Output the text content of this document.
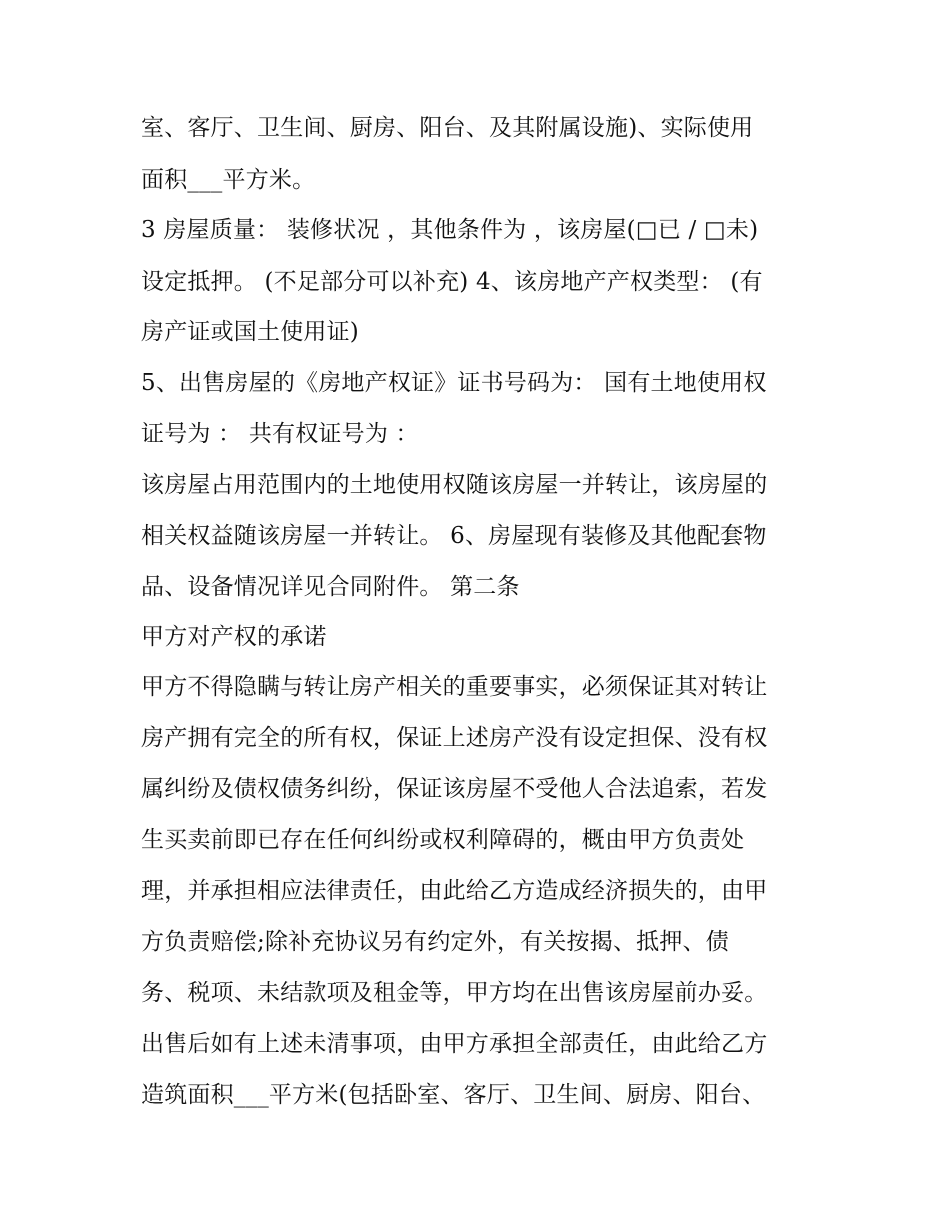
室、客厅、卫生间、厨房、阳台、及其附属设施)、实际使用

面积___平方米。

3 房屋质量： 装修状况 ，其他条件为 ，该房屋(□已 / □未)

设定抵押。 (不足部分可以补充) 4、该房地产产权类型： (有

房产证或国土使用证)

5、出售房屋的《房地产权证》证书号码为： 国有土地使用权

证号为 ： 共有权证号为 ：

该房屋占用范围内的土地使用权随该房屋一并转让，该房屋的

相关权益随该房屋一并转让。 6、房屋现有装修及其他配套物

品、设备情况详见合同附件。 第二条

甲方对产权的承诺

甲方不得隐瞒与转让房产相关的重要事实，必须保证其对转让

房产拥有完全的所有权，保证上述房产没有设定担保、没有权

属纠纷及债权债务纠纷，保证该房屋不受他人合法追索，若发

生买卖前即已存在任何纠纷或权利障碍的，概由甲方负责处

理，并承担相应法律责任，由此给乙方造成经济损失的，由甲

方负责赔偿;除补充协议另有约定外，有关按揭、抵押、债

务、税项、未结款项及租金等，甲方均在出售该房屋前办妥。

出售后如有上述未清事项，由甲方承担全部责任，由此给乙方

造筑面积___平方米(包括卧室、客厅、卫生间、厨房、阳台、
